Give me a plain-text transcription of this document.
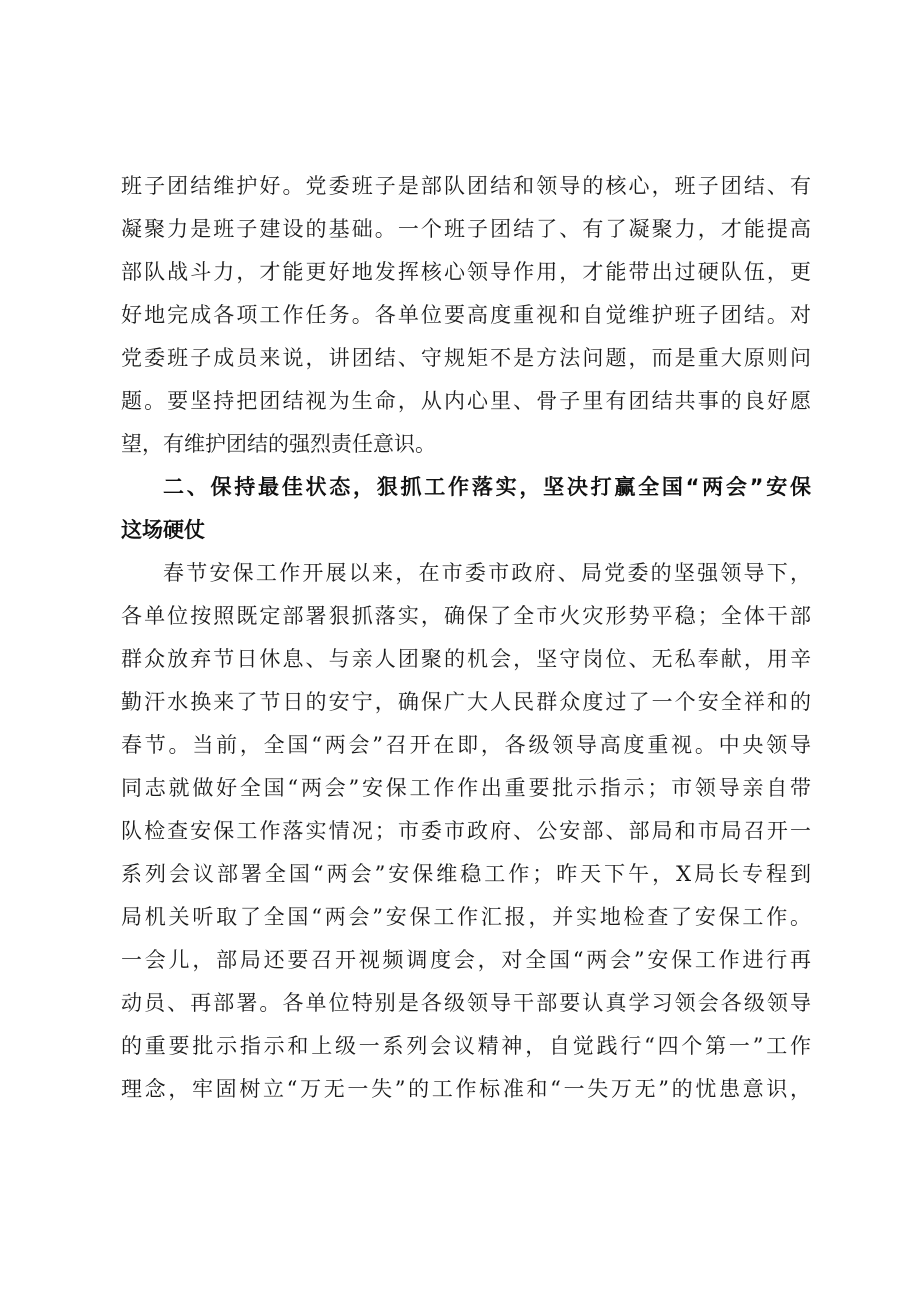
班子团结维护好。党委班子是部队团结和领导的核心，班子团结、有
凝聚力是班子建设的基础。一个班子团结了、有了凝聚力，才能提高
部队战斗力，才能更好地发挥核心领导作用，才能带出过硬队伍，更
好地完成各项工作任务。各单位要高度重视和自觉维护班子团结。对
党委班子成员来说，讲团结、守规矩不是方法问题，而是重大原则问
题。要坚持把团结视为生命，从内心里、骨子里有团结共事的良好愿
望，有维护团结的强烈责任意识。
二、保持最佳状态，狠抓工作落实，坚决打赢全国“两会”安保
这场硬仗
春节安保工作开展以来，在市委市政府、局党委的坚强领导下，
各单位按照既定部署狠抓落实，确保了全市火灾形势平稳；全体干部
群众放弃节日休息、与亲人团聚的机会，坚守岗位、无私奉献，用辛
勤汗水换来了节日的安宁，确保广大人民群众度过了一个安全祥和的
春节。当前，全国“两会”召开在即，各级领导高度重视。中央领导
同志就做好全国“两会”安保工作作出重要批示指示；市领导亲自带
队检查安保工作落实情况；市委市政府、公安部、部局和市局召开一
系列会议部署全国“两会”安保维稳工作；昨天下午，X局长专程到
局机关听取了全国“两会”安保工作汇报，并实地检查了安保工作。
一会儿，部局还要召开视频调度会，对全国“两会”安保工作进行再
动员、再部署。各单位特别是各级领导干部要认真学习领会各级领导
的重要批示指示和上级一系列会议精神，自觉践行“四个第一”工作
理念，牢固树立“万无一失”的工作标准和“一失万无”的忧患意识，
